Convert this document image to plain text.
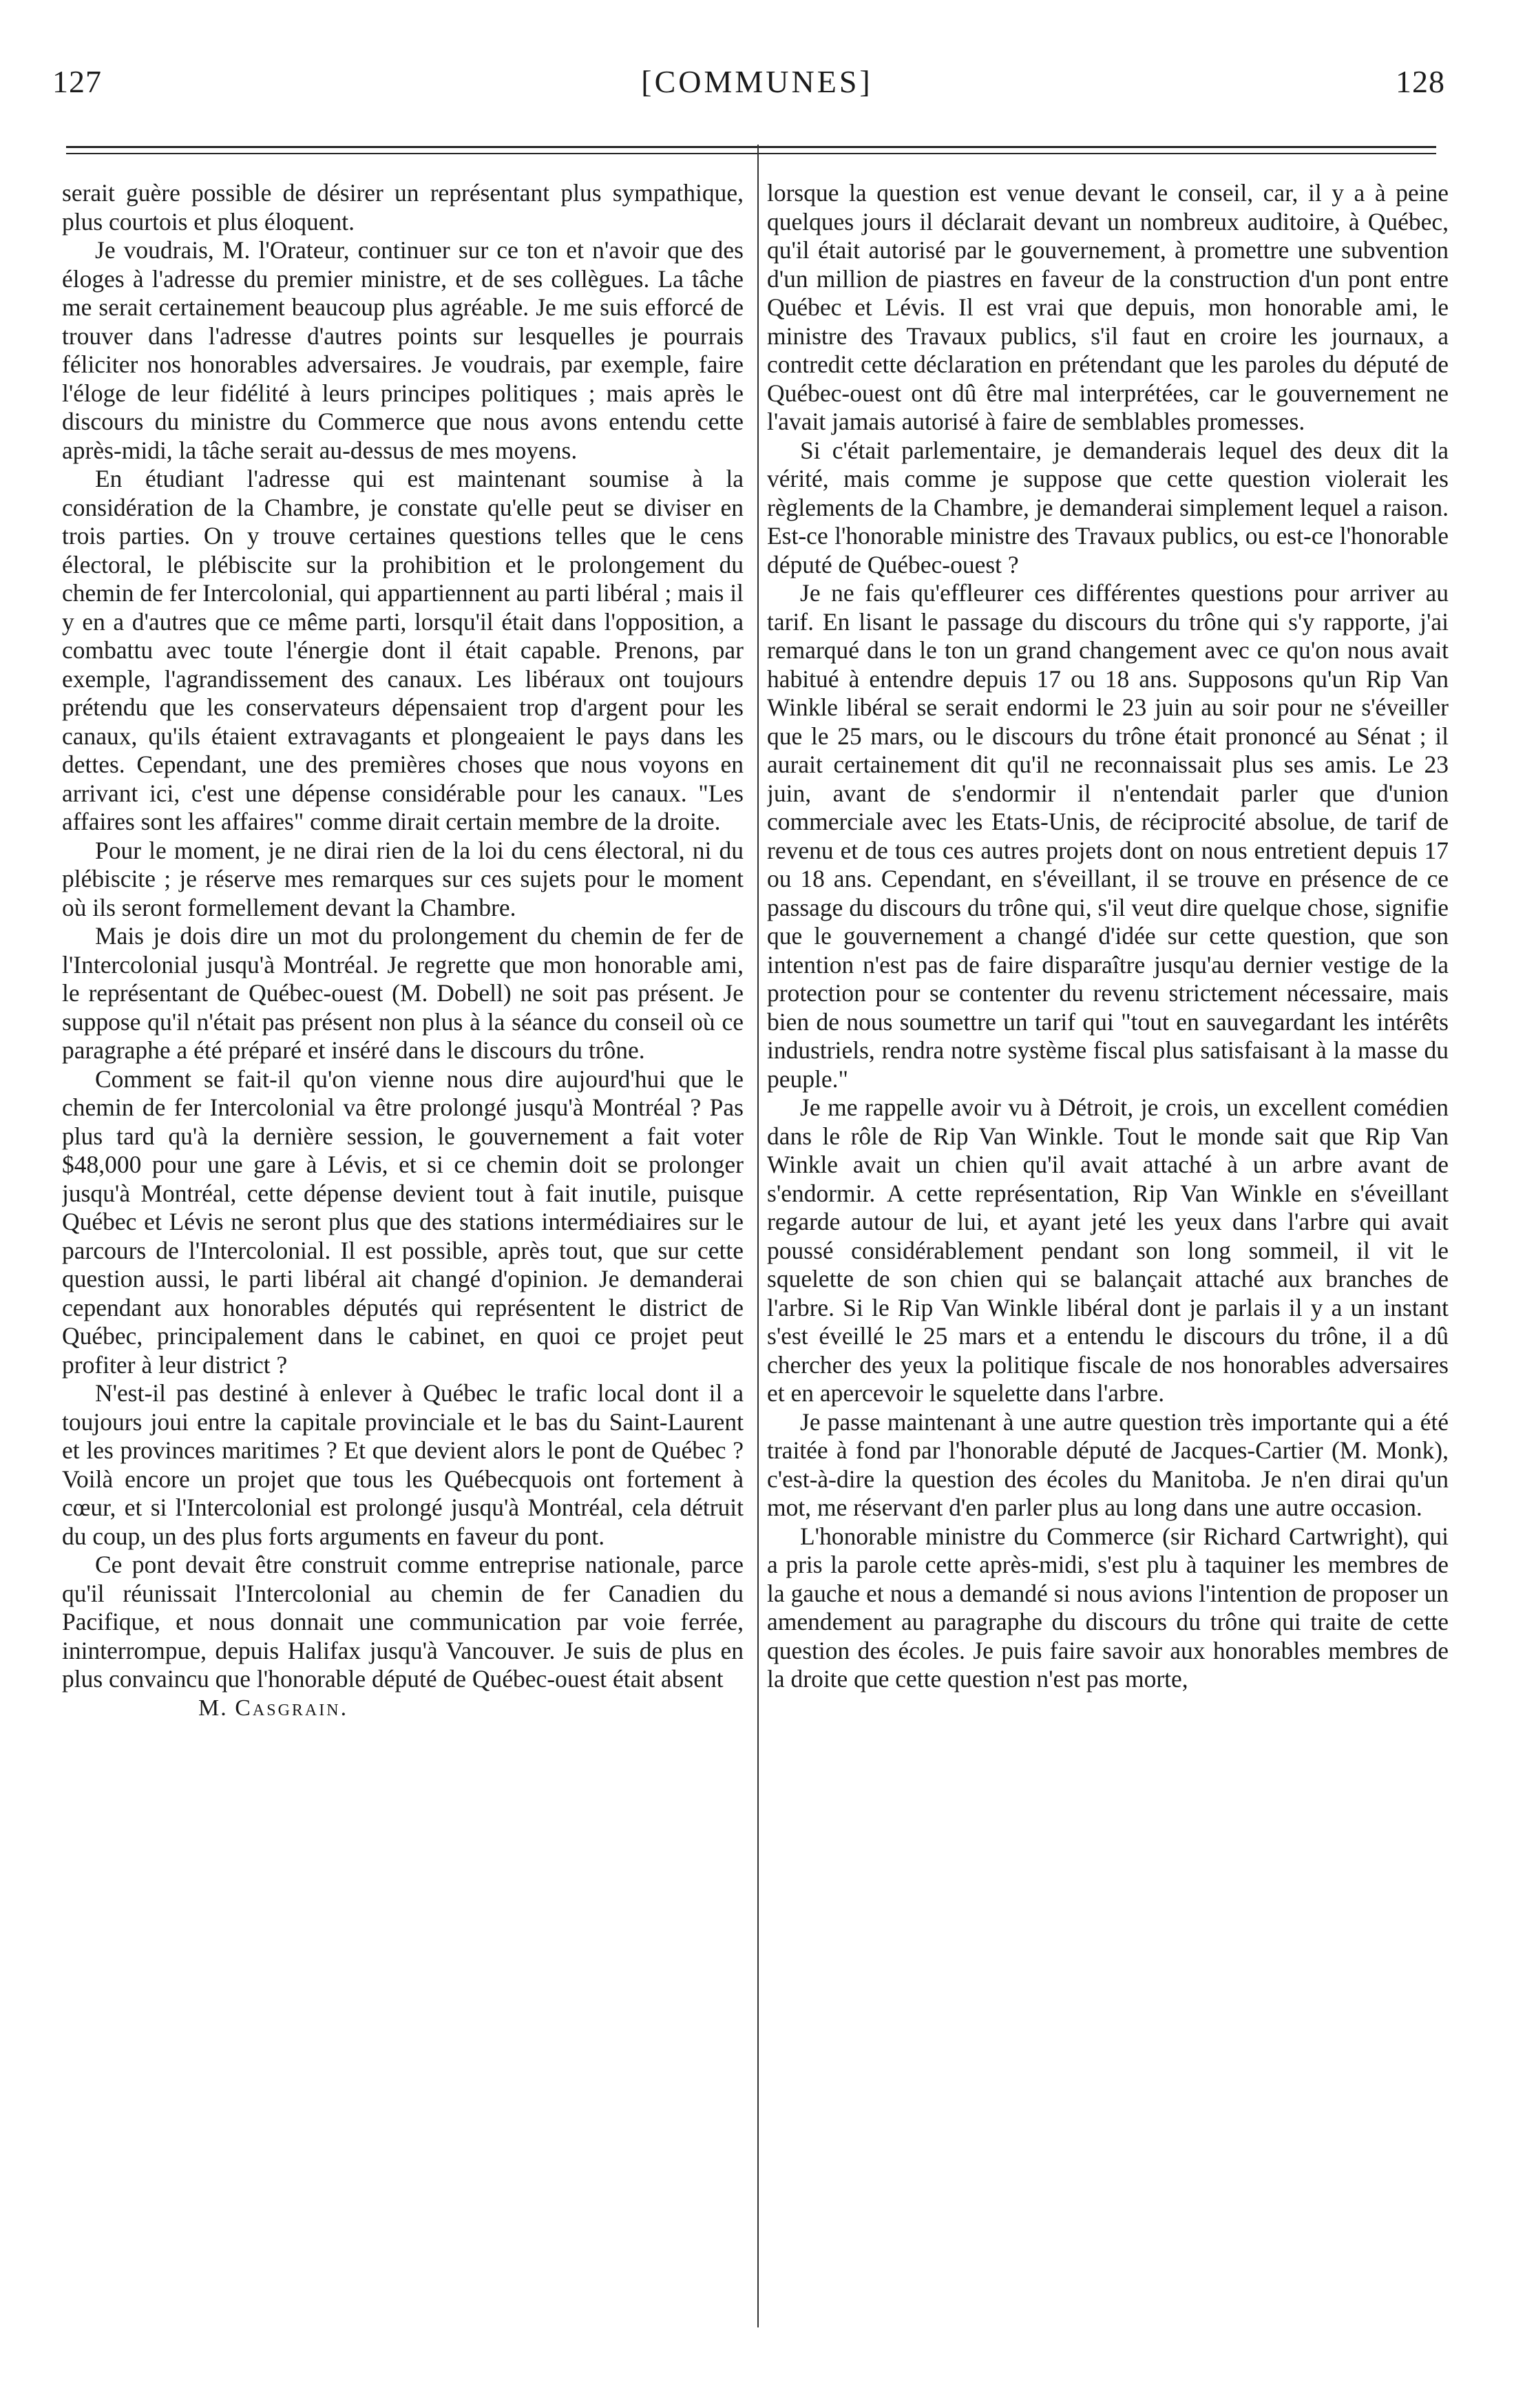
127	[COMMUNES]	128

serait guère possible de désirer un représentant plus sympathique, plus courtois et plus éloquent.

Je voudrais, M. l'Orateur, continuer sur ce ton et n'avoir que des éloges à l'adresse du premier ministre, et de ses collègues. La tâche me serait certainement beaucoup plus agréable. Je me suis efforcé de trouver dans l'adresse d'autres points sur lesquelles je pourrais féliciter nos honorables adversaires. Je voudrais, par exemple, faire l'éloge de leur fidélité à leurs principes politiques ; mais après le discours du ministre du Commerce que nous avons entendu cette après-midi, la tâche serait au-dessus de mes moyens.

En étudiant l'adresse qui est maintenant soumise à la considération de la Chambre, je constate qu'elle peut se diviser en trois parties. On y trouve certaines questions telles que le cens électoral, le plébiscite sur la prohibition et le prolongement du chemin de fer Intercolonial, qui appartiennent au parti libéral ; mais il y en a d'autres que ce même parti, lorsqu'il était dans l'opposition, a combattu avec toute l'énergie dont il était capable. Prenons, par exemple, l'agrandissement des canaux. Les libéraux ont toujours prétendu que les conservateurs dépensaient trop d'argent pour les canaux, qu'ils étaient extravagants et plongeaient le pays dans les dettes. Cependant, une des premières choses que nous voyons en arrivant ici, c'est une dépense considérable pour les canaux. "Les affaires sont les affaires" comme dirait certain membre de la droite.

Pour le moment, je ne dirai rien de la loi du cens électoral, ni du plébiscite ; je réserve mes remarques sur ces sujets pour le moment où ils seront formellement devant la Chambre.

Mais je dois dire un mot du prolongement du chemin de fer de l'Intercolonial jusqu'à Montréal. Je regrette que mon honorable ami, le représentant de Québec-ouest (M. Dobell) ne soit pas présent. Je suppose qu'il n'était pas présent non plus à la séance du conseil où ce paragraphe a été préparé et inséré dans le discours du trône.

Comment se fait-il qu'on vienne nous dire aujourd'hui que le chemin de fer Intercolonial va être prolongé jusqu'à Montréal ? Pas plus tard qu'à la dernière session, le gouvernement a fait voter $48,000 pour une gare à Lévis, et si ce chemin doit se prolonger jusqu'à Montréal, cette dépense devient tout à fait inutile, puisque Québec et Lévis ne seront plus que des stations intermédiaires sur le parcours de l'Intercolonial. Il est possible, après tout, que sur cette question aussi, le parti libéral ait changé d'opinion. Je demanderai cependant aux honorables députés qui représentent le district de Québec, principalement dans le cabinet, en quoi ce projet peut profiter à leur district ?

N'est-il pas destiné à enlever à Québec le trafic local dont il a toujours joui entre la capitale provinciale et le bas du Saint-Laurent et les provinces maritimes ? Et que devient alors le pont de Québec ? Voilà encore un projet que tous les Québecquois ont fortement à cœur, et si l'Intercolonial est prolongé jusqu'à Montréal, cela détruit du coup, un des plus forts arguments en faveur du pont.

Ce pont devait être construit comme entreprise nationale, parce qu'il réunissait l'Intercolonial au chemin de fer Canadien du Pacifique, et nous donnait une communication par voie ferrée, ininterrompue, depuis Halifax jusqu'à Vancouver. Je suis de plus en plus convaincu que l'honorable député de Québec-ouest était absent

M. Casgrain.

lorsque la question est venue devant le conseil, car, il y a à peine quelques jours il déclarait devant un nombreux auditoire, à Québec, qu'il était autorisé par le gouvernement, à promettre une subvention d'un million de piastres en faveur de la construction d'un pont entre Québec et Lévis. Il est vrai que depuis, mon honorable ami, le ministre des Travaux publics, s'il faut en croire les journaux, a contredit cette déclaration en prétendant que les paroles du député de Québec-ouest ont dû être mal interprétées, car le gouvernement ne l'avait jamais autorisé à faire de semblables promesses.

Si c'était parlementaire, je demanderais lequel des deux dit la vérité, mais comme je suppose que cette question violerait les règlements de la Chambre, je demanderai simplement lequel a raison. Est-ce l'honorable ministre des Travaux publics, ou est-ce l'honorable député de Québec-ouest ?

Je ne fais qu'effleurer ces différentes questions pour arriver au tarif. En lisant le passage du discours du trône qui s'y rapporte, j'ai remarqué dans le ton un grand changement avec ce qu'on nous avait habitué à entendre depuis 17 ou 18 ans. Supposons qu'un Rip Van Winkle libéral se serait endormi le 23 juin au soir pour ne s'éveiller que le 25 mars, ou le discours du trône était prononcé au Sénat ; il aurait certainement dit qu'il ne reconnaissait plus ses amis. Le 23 juin, avant de s'endormir il n'entendait parler que d'union commerciale avec les Etats-Unis, de réciprocité absolue, de tarif de revenu et de tous ces autres projets dont on nous entretient depuis 17 ou 18 ans. Cependant, en s'éveillant, il se trouve en présence de ce passage du discours du trône qui, s'il veut dire quelque chose, signifie que le gouvernement a changé d'idée sur cette question, que son intention n'est pas de faire disparaître jusqu'au dernier vestige de la protection pour se contenter du revenu strictement nécessaire, mais bien de nous soumettre un tarif qui "tout en sauvegardant les intérêts industriels, rendra notre système fiscal plus satisfaisant à la masse du peuple."

Je me rappelle avoir vu à Détroit, je crois, un excellent comédien dans le rôle de Rip Van Winkle. Tout le monde sait que Rip Van Winkle avait un chien qu'il avait attaché à un arbre avant de s'endormir. A cette représentation, Rip Van Winkle en s'éveillant regarde autour de lui, et ayant jeté les yeux dans l'arbre qui avait poussé considérablement pendant son long sommeil, il vit le squelette de son chien qui se balançait attaché aux branches de l'arbre. Si le Rip Van Winkle libéral dont je parlais il y a un instant s'est éveillé le 25 mars et a entendu le discours du trône, il a dû chercher des yeux la politique fiscale de nos honorables adversaires et en apercevoir le squelette dans l'arbre.

Je passe maintenant à une autre question très importante qui a été traitée à fond par l'honorable député de Jacques-Cartier (M. Monk), c'est-à-dire la question des écoles du Manitoba. Je n'en dirai qu'un mot, me réservant d'en parler plus au long dans une autre occasion.

L'honorable ministre du Commerce (sir Richard Cartwright), qui a pris la parole cette après-midi, s'est plu à taquiner les membres de la gauche et nous a demandé si nous avions l'intention de proposer un amendement au paragraphe du discours du trône qui traite de cette question des écoles. Je puis faire savoir aux honorables membres de la droite que cette question n'est pas morte,
